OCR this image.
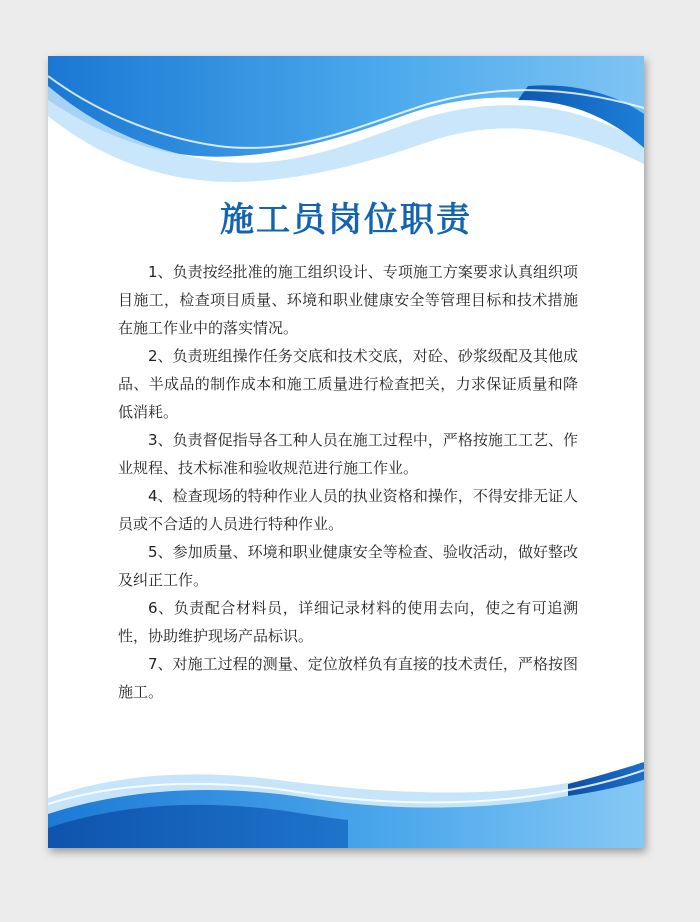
施工员岗位职责

1、负责按经批准的施工组织设计、专项施工方案要求认真组织项目施工，检查项目质量、环境和职业健康安全等管理目标和技术措施在施工作业中的落实情况。

2、负责班组操作任务交底和技术交底，对砼、砂浆级配及其他成品、半成品的制作成本和施工质量进行检查把关，力求保证质量和降低消耗。

3、负责督促指导各工种人员在施工过程中，严格按施工工艺、作业规程、技术标准和验收规范进行施工作业。

4、检查现场的特种作业人员的执业资格和操作，不得安排无证人员或不合适的人员进行特种作业。

5、参加质量、环境和职业健康安全等检查、验收活动，做好整改及纠正工作。

6、负责配合材料员，详细记录材料的使用去向，使之有可追溯性，协助维护现场产品标识。

7、对施工过程的测量、定位放样负有直接的技术责任，严格按图施工。
